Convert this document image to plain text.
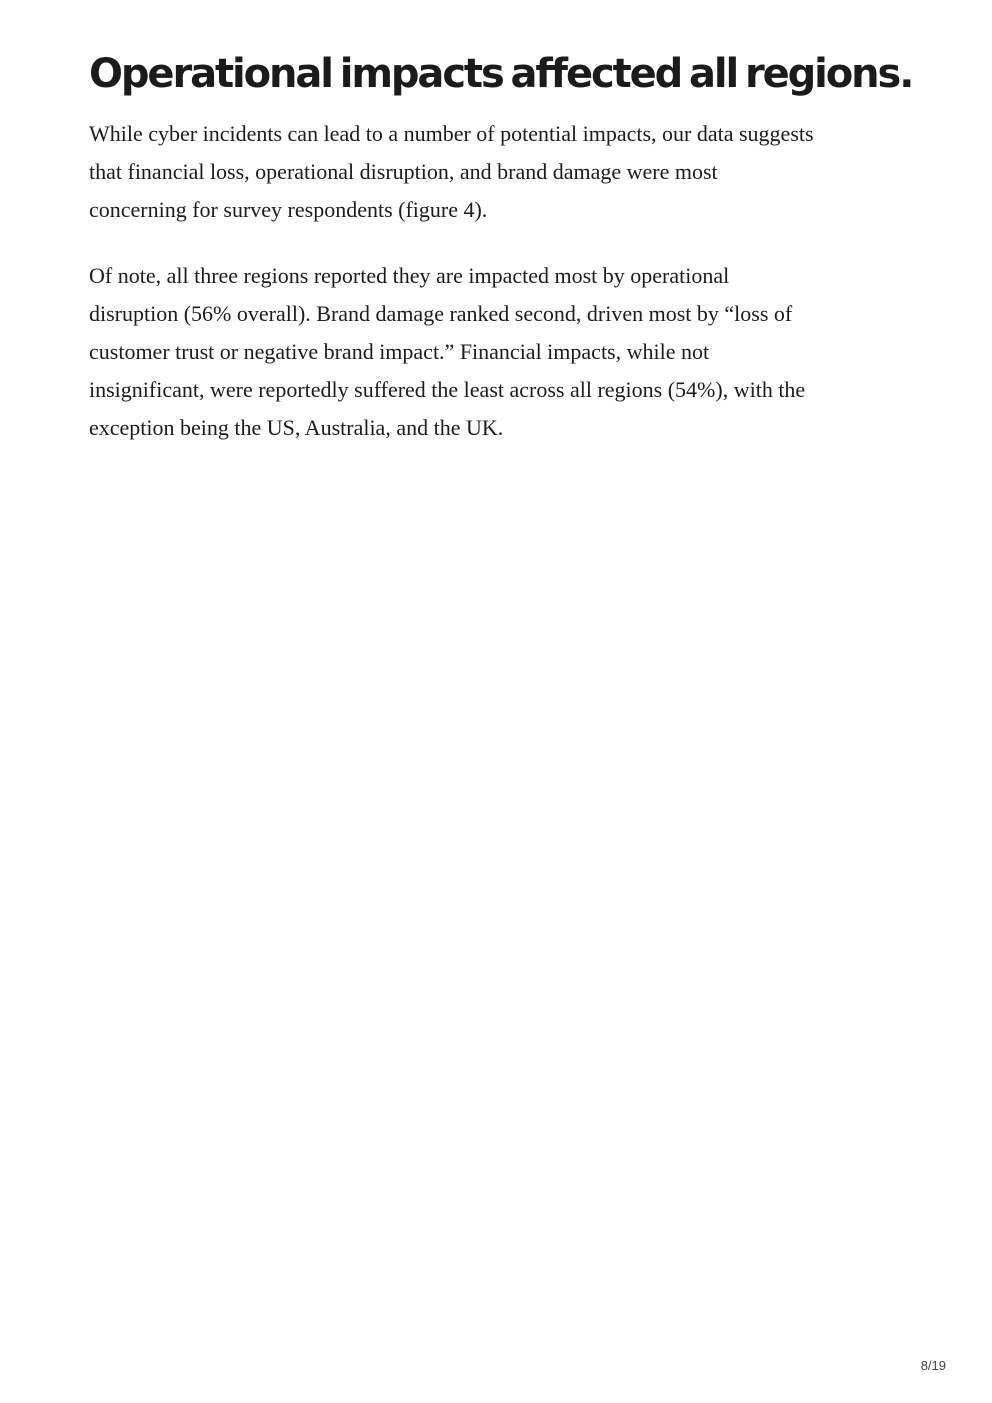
Operational impacts affected all regions.

While cyber incidents can lead to a number of potential impacts, our data suggests
that financial loss, operational disruption, and brand damage were most
concerning for survey respondents (figure 4).

Of note, all three regions reported they are impacted most by operational
disruption (56% overall). Brand damage ranked second, driven most by “loss of
customer trust or negative brand impact.” Financial impacts, while not
insignificant, were reportedly suffered the least across all regions (54%), with the
exception being the US, Australia, and the UK.

8/19
